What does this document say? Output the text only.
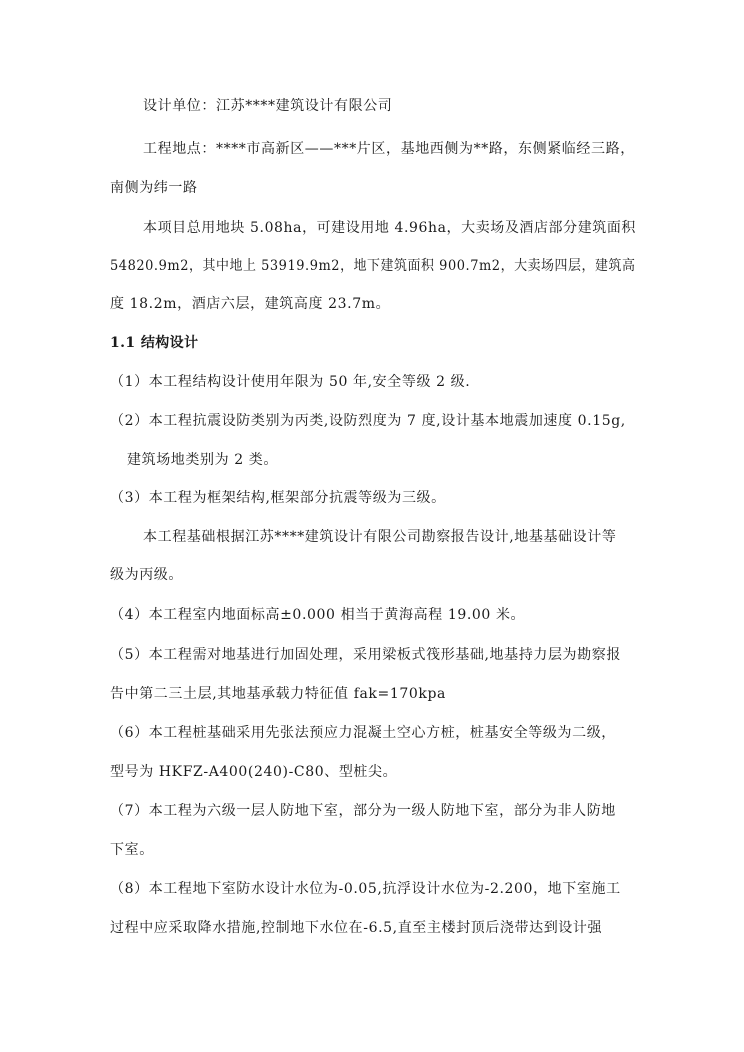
设计单位：江苏****建筑设计有限公司
工程地点：****市高新区——***片区，基地西侧为**路，东侧紧临经三路，
南侧为纬一路
本项目总用地块 5.08ha，可建设用地 4.96ha，大卖场及酒店部分建筑面积
54820.9m2，其中地上 53919.9m2，地下建筑面积 900.7m2，大卖场四层，建筑高
度 18.2m，酒店六层，建筑高度 23.7m。
1.1 结构设计
（1）本工程结构设计使用年限为 50 年,安全等级 2 级.
（2）本工程抗震设防类别为丙类,设防烈度为 7 度,设计基本地震加速度 0.15g,
建筑场地类别为 2 类。
（3）本工程为框架结构,框架部分抗震等级为三级。
本工程基础根据江苏****建筑设计有限公司勘察报告设计,地基基础设计等
级为丙级。
（4）本工程室内地面标高±0.000 相当于黄海高程 19.00 米。
（5）本工程需对地基进行加固处理，采用梁板式筏形基础,地基持力层为勘察报
告中第二三土层,其地基承载力特征值 fak=170kpa
（6）本工程桩基础采用先张法预应力混凝土空心方桩，桩基安全等级为二级，
型号为 HKFZ-A400(240)-C80、型桩尖。
（7）本工程为六级一层人防地下室，部分为一级人防地下室，部分为非人防地
下室。
（8）本工程地下室防水设计水位为-0.05,抗浮设计水位为-2.200，地下室施工
过程中应采取降水措施,控制地下水位在-6.5,直至主楼封顶后浇带达到设计强
